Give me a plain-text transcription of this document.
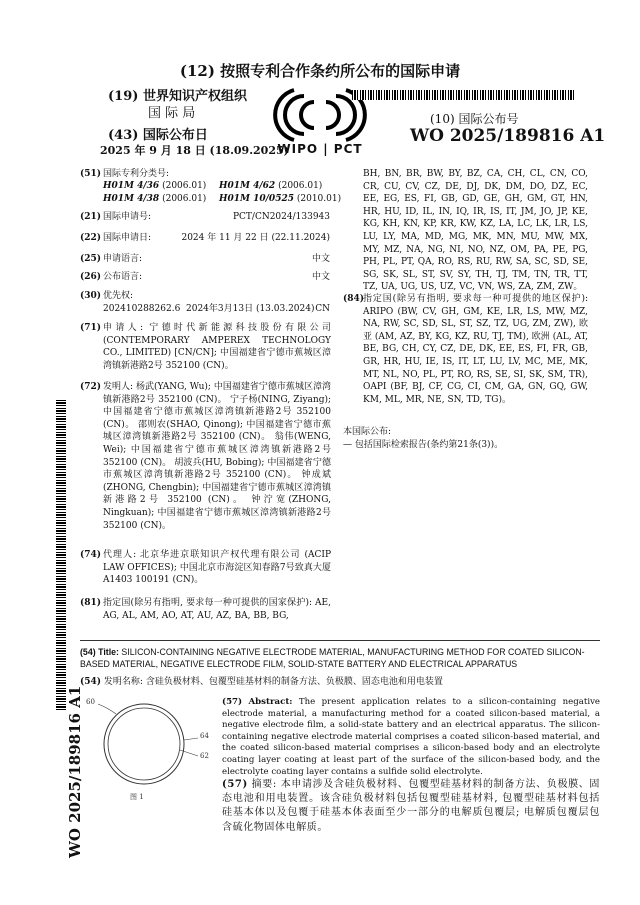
(12) 按照专利合作条约所公布的国际申请
(19) 世界知识产权组织
国 际 局
(43) 国际公布日
2025 年 9 月 18 日 (18.09.2025)
WIPO | PCT
(10) 国际公布号
WO 2025/189816 A1
WO 2025/189816 A1
(51) 国际专利分类号:
H01M 4/36 (2006.01) H01M 4/62 (2006.01)
H01M 4/38 (2006.01) H01M 10/0525 (2010.01)
(21) 国际申请号:	PCT/CN2024/133943
(22) 国际申请日:	2024 年 11 月 22 日 (22.11.2024)
(25) 申请语言:	中文
(26) 公布语言:	中文
(30) 优先权:
202410288262.6 2024年3月13日 (13.03.2024) CN
(71) 申请人: 宁德时代新能源科技股份有限公司 (CONTEMPORARY AMPEREX TECHNOLOGY CO., LIMITED) [CN/CN]; 中国福建省宁德市蕉城区漳湾镇新港路2号 352100 (CN)。
(72) 发明人: 杨武(YANG, Wu); 中国福建省宁德市蕉城区漳湾镇新港路2号 352100 (CN)。 宁子杨(NING, Ziyang); 中国福建省宁德市蕉城区漳湾镇新港路2号 352100 (CN)。 邵则农(SHAO, Qinong); 中国福建省宁德市蕉城区漳湾镇新港路2号 352100 (CN)。 翁伟(WENG, Wei); 中国福建省宁德市蕉城区漳湾镇新港路2号 352100 (CN)。 胡波兵(HU, Bobing); 中国福建省宁德市蕉城区漳湾镇新港路2号 352100 (CN)。 钟成斌(ZHONG, Chengbin); 中国福建省宁德市蕉城区漳湾镇新港路2号 352100 (CN)。 钟泞宽(ZHONG, Ningkuan); 中国福建省宁德市蕉城区漳湾镇新港路2号 352100 (CN)。
(74) 代理人: 北京华进京联知识产权代理有限公司 (ACIP LAW OFFICES); 中国北京市海淀区知春路7号致真大厦A1403 100191 (CN)。
(81) 指定国(除另有指明, 要求每一种可提供的国家保护): AE, AG, AL, AM, AO, AT, AU, AZ, BA, BB, BG,
BH, BN, BR, BW, BY, BZ, CA, CH, CL, CN, CO, CR, CU, CV, CZ, DE, DJ, DK, DM, DO, DZ, EC, EE, EG, ES, FI, GB, GD, GE, GH, GM, GT, HN, HR, HU, ID, IL, IN, IQ, IR, IS, IT, JM, JO, JP, KE, KG, KH, KN, KP, KR, KW, KZ, LA, LC, LK, LR, LS, LU, LY, MA, MD, MG, MK, MN, MU, MW, MX, MY, MZ, NA, NG, NI, NO, NZ, OM, PA, PE, PG, PH, PL, PT, QA, RO, RS, RU, RW, SA, SC, SD, SE, SG, SK, SL, ST, SV, SY, TH, TJ, TM, TN, TR, TT, TZ, UA, UG, US, UZ, VC, VN, WS, ZA, ZM, ZW。
(84)
指定国(除另有指明, 要求每一种可提供的地区保护): ARIPO (BW, CV, GH, GM, KE, LR, LS, MW, MZ, NA, RW, SC, SD, SL, ST, SZ, TZ, UG, ZM, ZW), 欧亚 (AM, AZ, BY, KG, KZ, RU, TJ, TM), 欧洲 (AL, AT, BE, BG, CH, CY, CZ, DE, DK, EE, ES, FI, FR, GB, GR, HR, HU, IE, IS, IT, LT, LU, LV, MC, ME, MK, MT, NL, NO, PL, PT, RO, RS, SE, SI, SK, SM, TR), OAPI (BF, BJ, CF, CG, CI, CM, GA, GN, GQ, GW, KM, ML, MR, NE, SN, TD, TG)。
本国际公布:
— 包括国际检索报告(条约第21条(3))。
(54) Title: SILICON-CONTAINING NEGATIVE ELECTRODE MATERIAL, MANUFACTURING METHOD FOR COATED SILICON-BASED MATERIAL, NEGATIVE ELECTRODE FILM, SOLID-STATE BATTERY AND ELECTRICAL APPARATUS
(54) 发明名称: 含硅负极材料、包覆型硅基材料的制备方法、负极膜、固态电池和用电装置
60
64
62
图 1
(57) Abstract: The present application relates to a silicon-containing negative electrode material, a manufacturing method for a coated silicon-based material, a negative electrode film, a solid-state battery and an electrical apparatus. The silicon-containing negative electrode material comprises a coated silicon-based material, and the coated silicon-based material comprises a silicon-based body and an electrolyte coating layer coating at least part of the surface of the silicon-based body, and the electrolyte coating layer contains a sulfide solid electrolyte.
(57) 摘要: 本申请涉及含硅负极材料、包覆型硅基材料的制备方法、负极膜、固态电池和用电装置。该含硅负极材料包括包覆型硅基材料, 包覆型硅基材料包括硅基本体以及包覆于硅基本体表面至少一部分的电解质包覆层; 电解质包覆层包含硫化物固体电解质。
